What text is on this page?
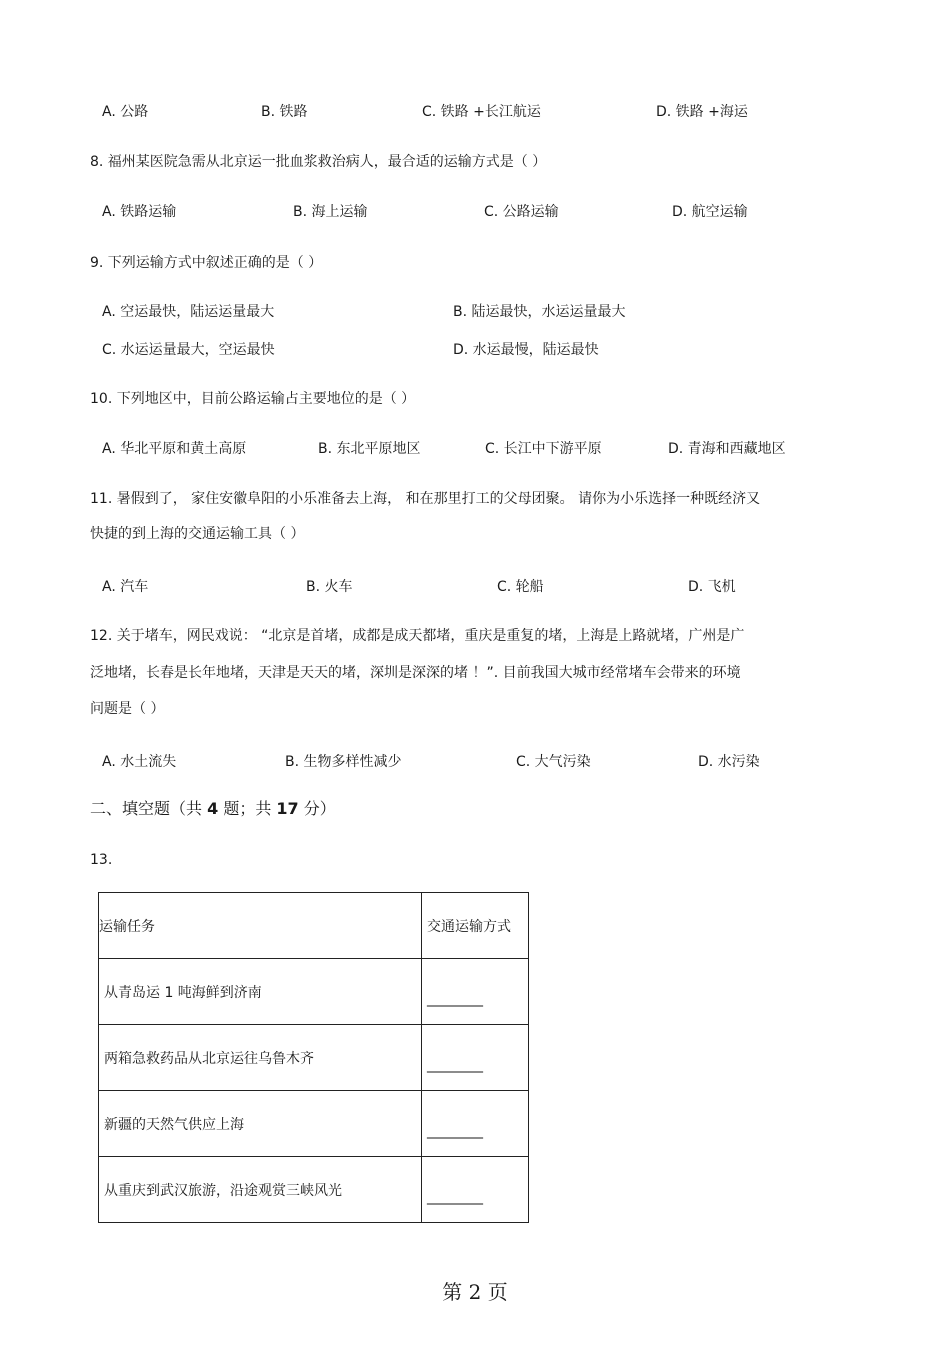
A. 公路	B. 铁路	C. 铁路 +长江航运	D. 铁路 +海运
8. 福州某医院急需从北京运一批血浆救治病人，最合适的运输方式是（ ）
A. 铁路运输	B. 海上运输	C. 公路运输	D. 航空运输
9. 下列运输方式中叙述正确的是（ ）
A. 空运最快，陆运运量最大	B. 陆运最快，水运运量最大
C. 水运运量最大，空运最快	D. 水运最慢，陆运最快
10. 下列地区中，目前公路运输占主要地位的是（ ）
A. 华北平原和黄土高原	B. 东北平原地区	C. 长江中下游平原	D. 青海和西藏地区
11. 暑假到了， 家住安徽阜阳的小乐准备去上海， 和在那里打工的父母团聚。 请你为小乐选择一种既经济又
快捷的到上海的交通运输工具（ ）
A. 汽车	B. 火车	C. 轮船	D. 飞机
12. 关于堵车，网民戏说： “北京是首堵，成都是成天都堵，重庆是重复的堵，上海是上路就堵，广州是广
泛地堵，长春是长年地堵，天津是天天的堵，深圳是深深的堵 ！”. 目前我国大城市经常堵车会带来的环境
问题是（ ）
A. 水土流失	B. 生物多样性减少	C. 大气污染	D. 水污染
二、填空题（共 4 题；共 17 分）
13.
运输任务	交通运输方式
从青岛运 1 吨海鲜到济南	________
两箱急救药品从北京运往乌鲁木齐	________
新疆的天然气供应上海	________
从重庆到武汉旅游，沿途观赏三峡风光	________
第 2 页
